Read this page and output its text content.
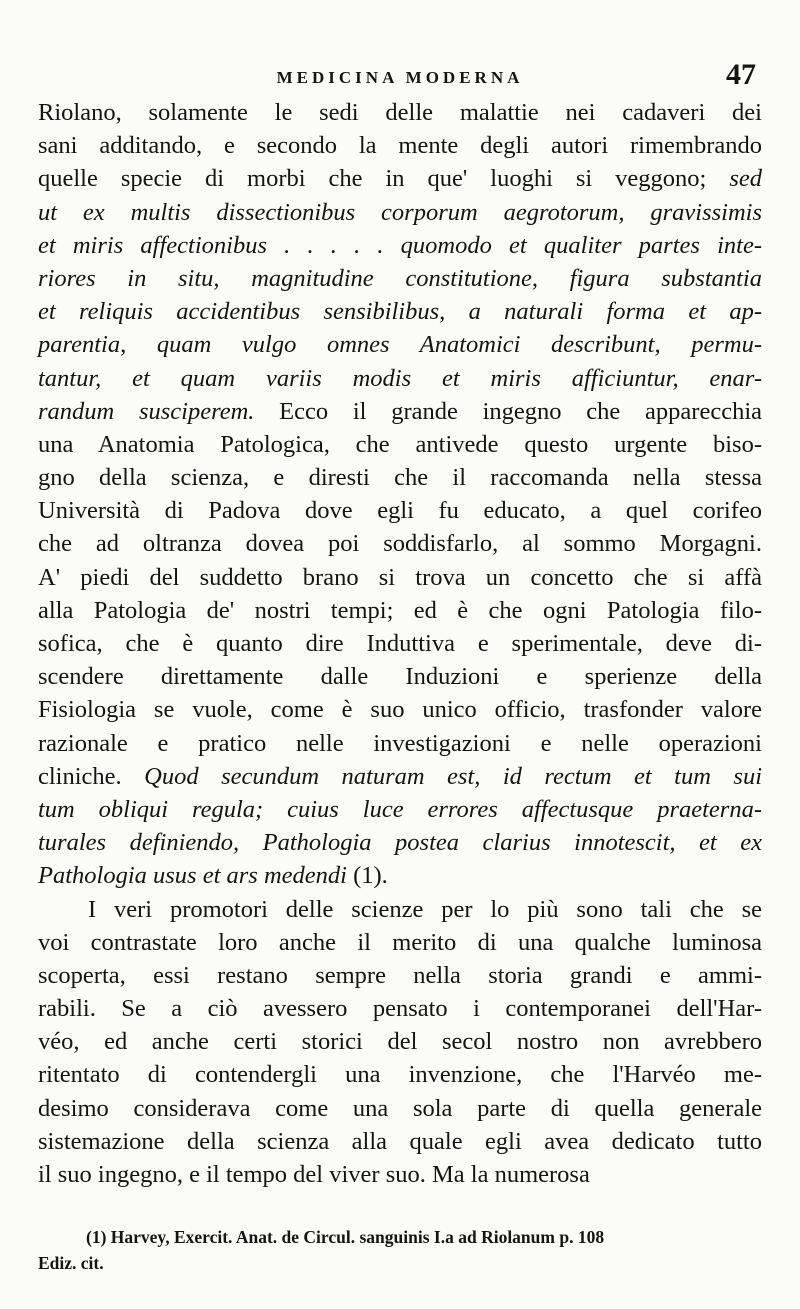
MEDICINA MODERNA	47
Riolano, solamente le sedi delle malattie nei cadaveri dei
sani additando, e secondo la mente degli autori rimembrando
quelle specie di morbi che in que' luoghi si veggono; sed
ut ex multis dissectionibus corporum aegrotorum, gravissimis
et miris affectionibus . . . . . quomodo et qualiter partes inte-
riores in situ, magnitudine constitutione, figura substantia
et reliquis accidentibus sensibilibus, a naturali forma et ap-
parentia, quam vulgo omnes Anatomici describunt, permu-
tantur, et quam variis modis et miris afficiuntur, enar-
randum susciperem. Ecco il grande ingegno che apparecchia
una Anatomia Patologica, che antivede questo urgente biso-
gno della scienza, e diresti che il raccomanda nella stessa
Università di Padova dove egli fu educato, a quel corifeo
che ad oltranza dovea poi soddisfarlo, al sommo Morgagni.
A' piedi del suddetto brano si trova un concetto che si affà
alla Patologia de' nostri tempi; ed è che ogni Patologia filo-
sofica, che è quanto dire Induttiva e sperimentale, deve di-
scendere direttamente dalle Induzioni e sperienze della
Fisiologia se vuole, come è suo unico officio, trasfonder valore
razionale e pratico nelle investigazioni e nelle operazioni
cliniche. Quod secundum naturam est, id rectum et tum sui
tum obliqui regula; cuius luce errores affectusque praeterna-
turales definiendo, Pathologia postea clarius innotescit, et ex
Pathologia usus et ars medendi (1).
I veri promotori delle scienze per lo più sono tali che se
voi contrastate loro anche il merito di una qualche luminosa
scoperta, essi restano sempre nella storia grandi e ammi-
rabili. Se a ciò avessero pensato i contemporanei dell'Har-
véo, ed anche certi storici del secol nostro non avrebbero
ritentato di contendergli una invenzione, che l'Harvéo me-
desimo considerava come una sola parte di quella generale
sistemazione della scienza alla quale egli avea dedicato tutto
il suo ingegno, e il tempo del viver suo. Ma la numerosa
(1) Harvey, Exercit. Anat. de Circul. sanguinis I.a ad Riolanum p. 108
Ediz. cit.
